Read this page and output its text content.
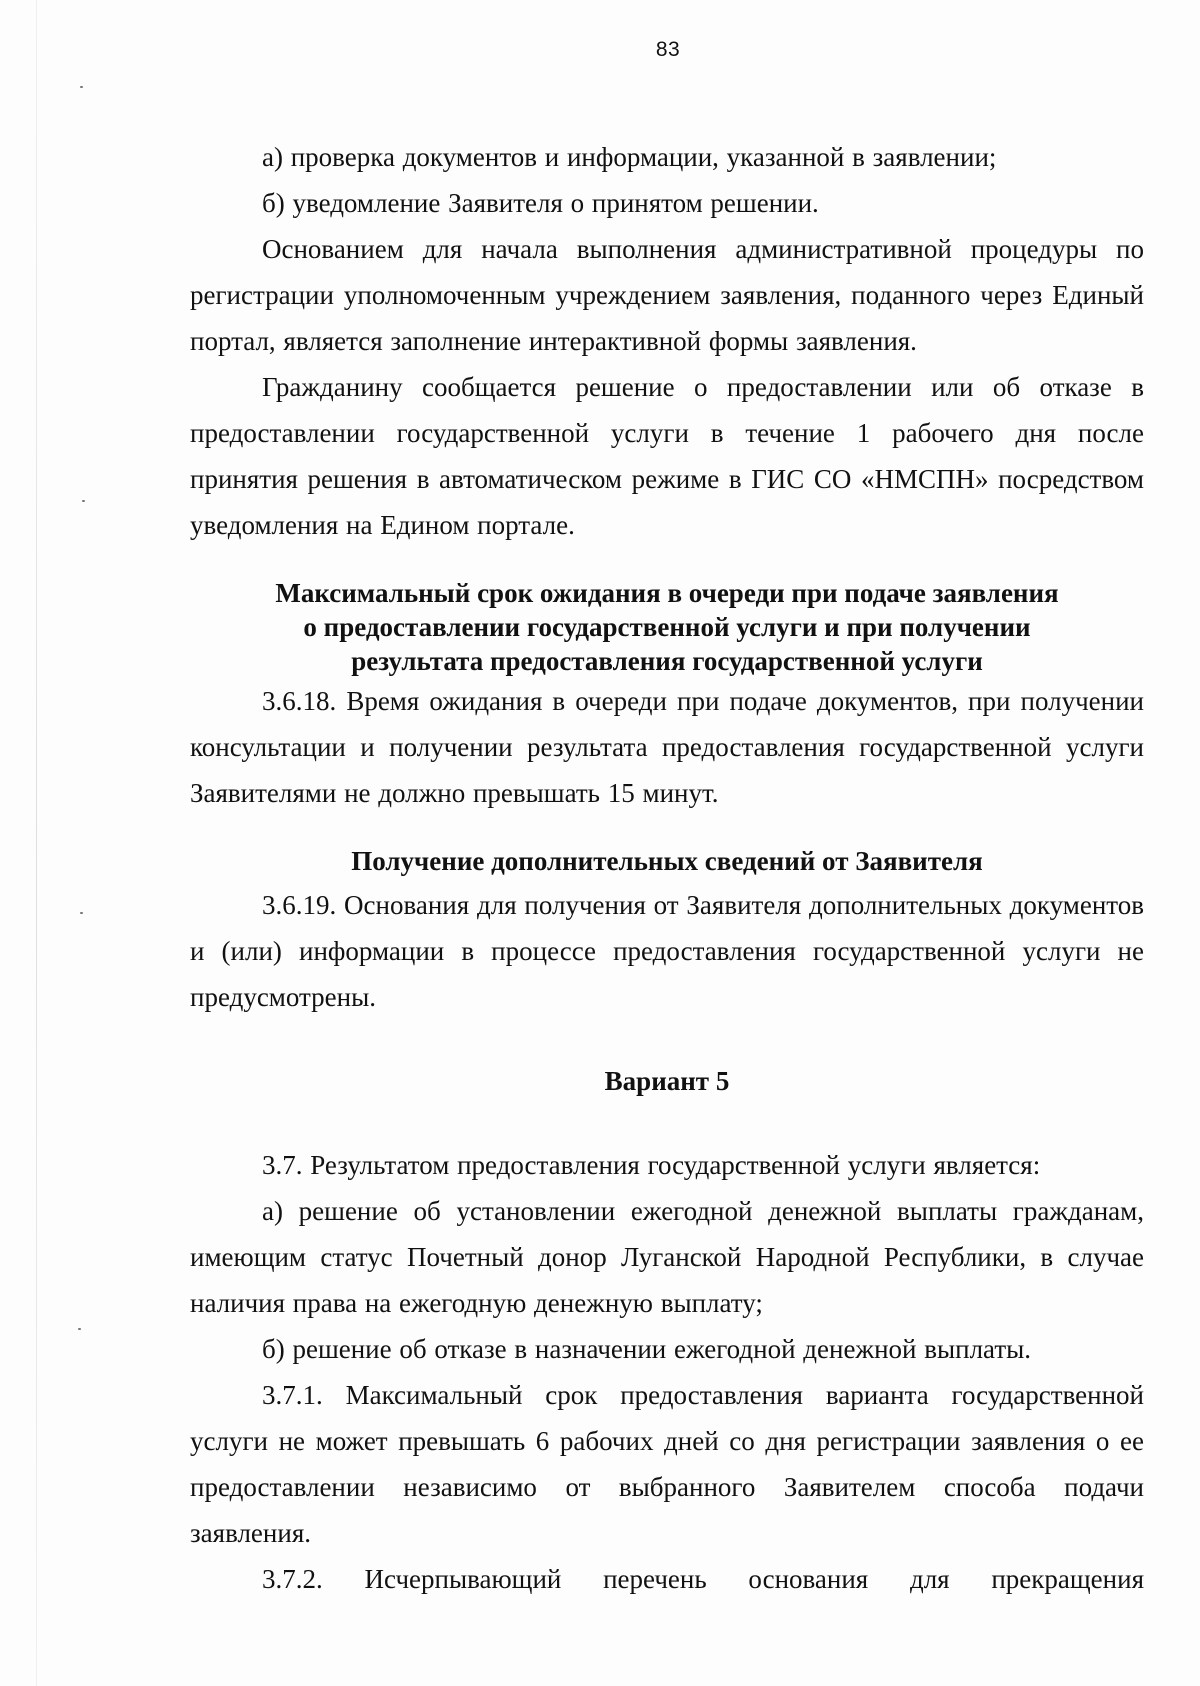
83

а) проверка документов и информации, указанной в заявлении;

б) уведомление Заявителя о принятом решении.

Основанием для начала выполнения административной процедуры по регистрации уполномоченным учреждением заявления, поданного через Единый портал, является заполнение интерактивной формы заявления.

Гражданину сообщается решение о предоставлении или об отказе в предоставлении государственной услуги в течение 1 рабочего дня после принятия решения в автоматическом режиме в ГИС СО «НМСПН» посредством уведомления на Едином портале.

Максимальный срок ожидания в очереди при подаче заявления

о предоставлении государственной услуги и при получении

результата предоставления государственной услуги

3.6.18. Время ожидания в очереди при подаче документов, при получении консультации и получении результата предоставления государственной услуги Заявителями не должно превышать 15 минут.

Получение дополнительных сведений от Заявителя

3.6.19. Основания для получения от Заявителя дополнительных документов и (или) информации в процессе предоставления государственной услуги не предусмотрены.

Вариант 5

3.7. Результатом предоставления государственной услуги является:

а) решение об установлении ежегодной денежной выплаты гражданам, имеющим статус Почетный донор Луганской Народной Республики, в случае наличия права на ежегодную денежную выплату;

б) решение об отказе в назначении ежегодной денежной выплаты.

3.7.1. Максимальный срок предоставления варианта государственной услуги не может превышать 6 рабочих дней со дня регистрации заявления о ее предоставлении независимо от выбранного Заявителем способа подачи заявления.

3.7.2. Исчерпывающий перечень основания для прекращения
